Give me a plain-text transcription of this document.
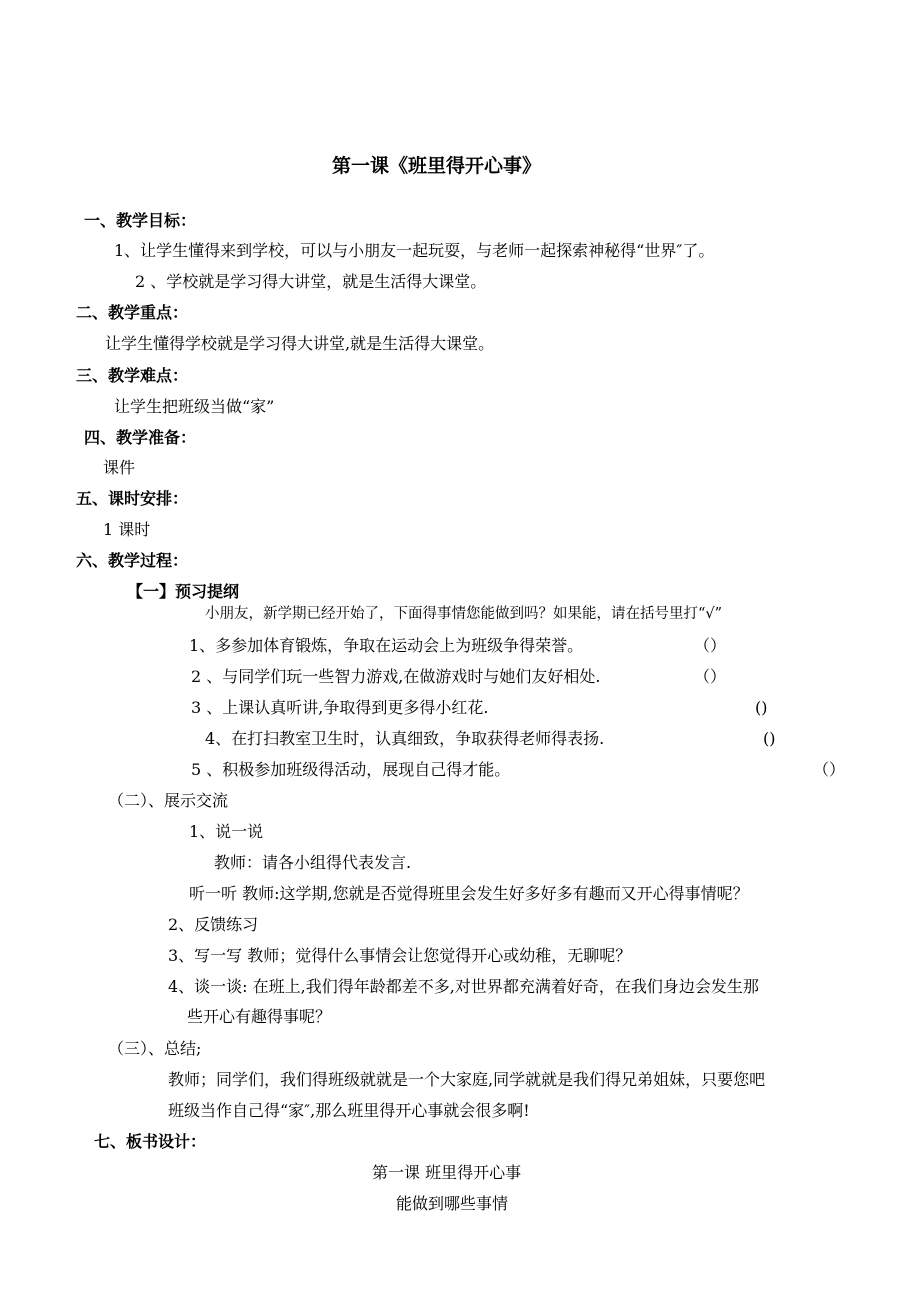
第一课《班里得开心事》
一、教学目标：
1、让学生懂得来到学校，可以与小朋友一起玩耍，与老师一起探索神秘得“世界″了。
2 、学校就是学习得大讲堂，就是生活得大课堂。
二、教学重点：
让学生懂得学校就是学习得大讲堂,就是生活得大课堂。
三、教学难点：
让学生把班级当做“家”
四、教学准备：
课件
五、课时安排：
1 课时
六、教学过程：
【一】预习提纲
小朋友，新学期已经开始了，下面得事情您能做到吗？如果能，请在括号里打“√”
1、多参加体育锻炼，争取在运动会上为班级争得荣誉。	（）
2 、与同学们玩一些智力游戏,在做游戏时与她们友好相处.	（）
3 、上课认真听讲,争取得到更多得小红花.	()
4、在打扫教室卫生时，认真细致，争取获得老师得表扬.	()
5 、积极参加班级得活动，展现自己得才能。	（）
（二）、展示交流
1、说一说
教师：请各小组得代表发言.
听一听 教师:这学期,您就是否觉得班里会发生好多好多有趣而又开心得事情呢？
2、反馈练习
3、写一写 教师；觉得什么事情会让您觉得开心或幼稚，无聊呢？
4、谈一谈: 在班上,我们得年龄都差不多,对世界都充满着好奇，在我们身边会发生那
些开心有趣得事呢？
（三）、总结;
教师；同学们，我们得班级就就是一个大家庭,同学就就是我们得兄弟姐妹，只要您吧
班级当作自己得“家″,那么班里得开心事就会很多啊!
七、板书设计：
第一课 班里得开心事
能做到哪些事情
